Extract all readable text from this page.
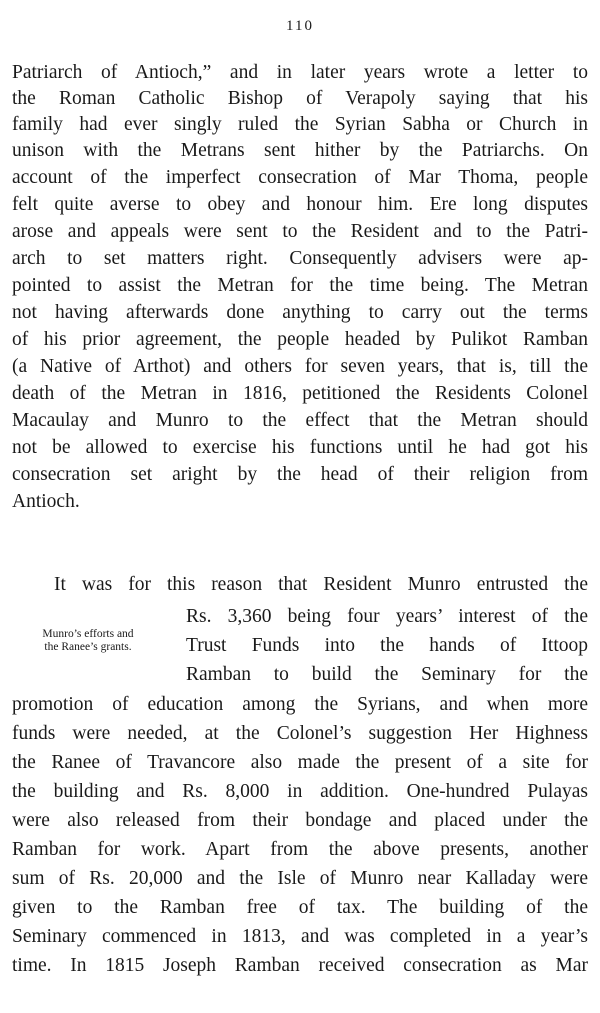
110
Patriarch of Antioch,” and in later years wrote a letter to
the Roman Catholic Bishop of Verapoly saying that his
family had ever singly ruled the Syrian Sabha or Church in
unison with the Metrans sent hither by the Patriarchs. On
account of the imperfect consecration of Mar Thoma, people
felt quite averse to obey and honour him. Ere long disputes
arose and appeals were sent to the Resident and to the Patri-
arch to set matters right. Consequently advisers were ap-
pointed to assist the Metran for the time being. The Metran
not having afterwards done anything to carry out the terms
of his prior agreement, the people headed by Pulikot Ramban
(a Native of Arthot) and others for seven years, that is, till the
death of the Metran in 1816, petitioned the Residents Colonel
Macaulay and Munro to the effect that the Metran should
not be allowed to exercise his functions until he had got his
consecration set aright by the head of their religion from
Antioch.
Munro’s efforts and
the Ranee’s grants.
It was for this reason that Resident Munro entrusted the
Rs. 3,360 being four years’ interest of the
Trust Funds into the hands of Ittoop
Ramban to build the Seminary for the
promotion of education among the Syrians, and when more
funds were needed, at the Colonel’s suggestion Her Highness
the Ranee of Travancore also made the present of a site for
the building and Rs. 8,000 in addition. One-hundred Pulayas
were also released from their bondage and placed under the
Ramban for work. Apart from the above presents, another
sum of Rs. 20,000 and the Isle of Munro near Kalladay were
given to the Ramban free of tax. The building of the
Seminary commenced in 1813, and was completed in a year’s
time. In 1815 Joseph Ramban received consecration as Mar
